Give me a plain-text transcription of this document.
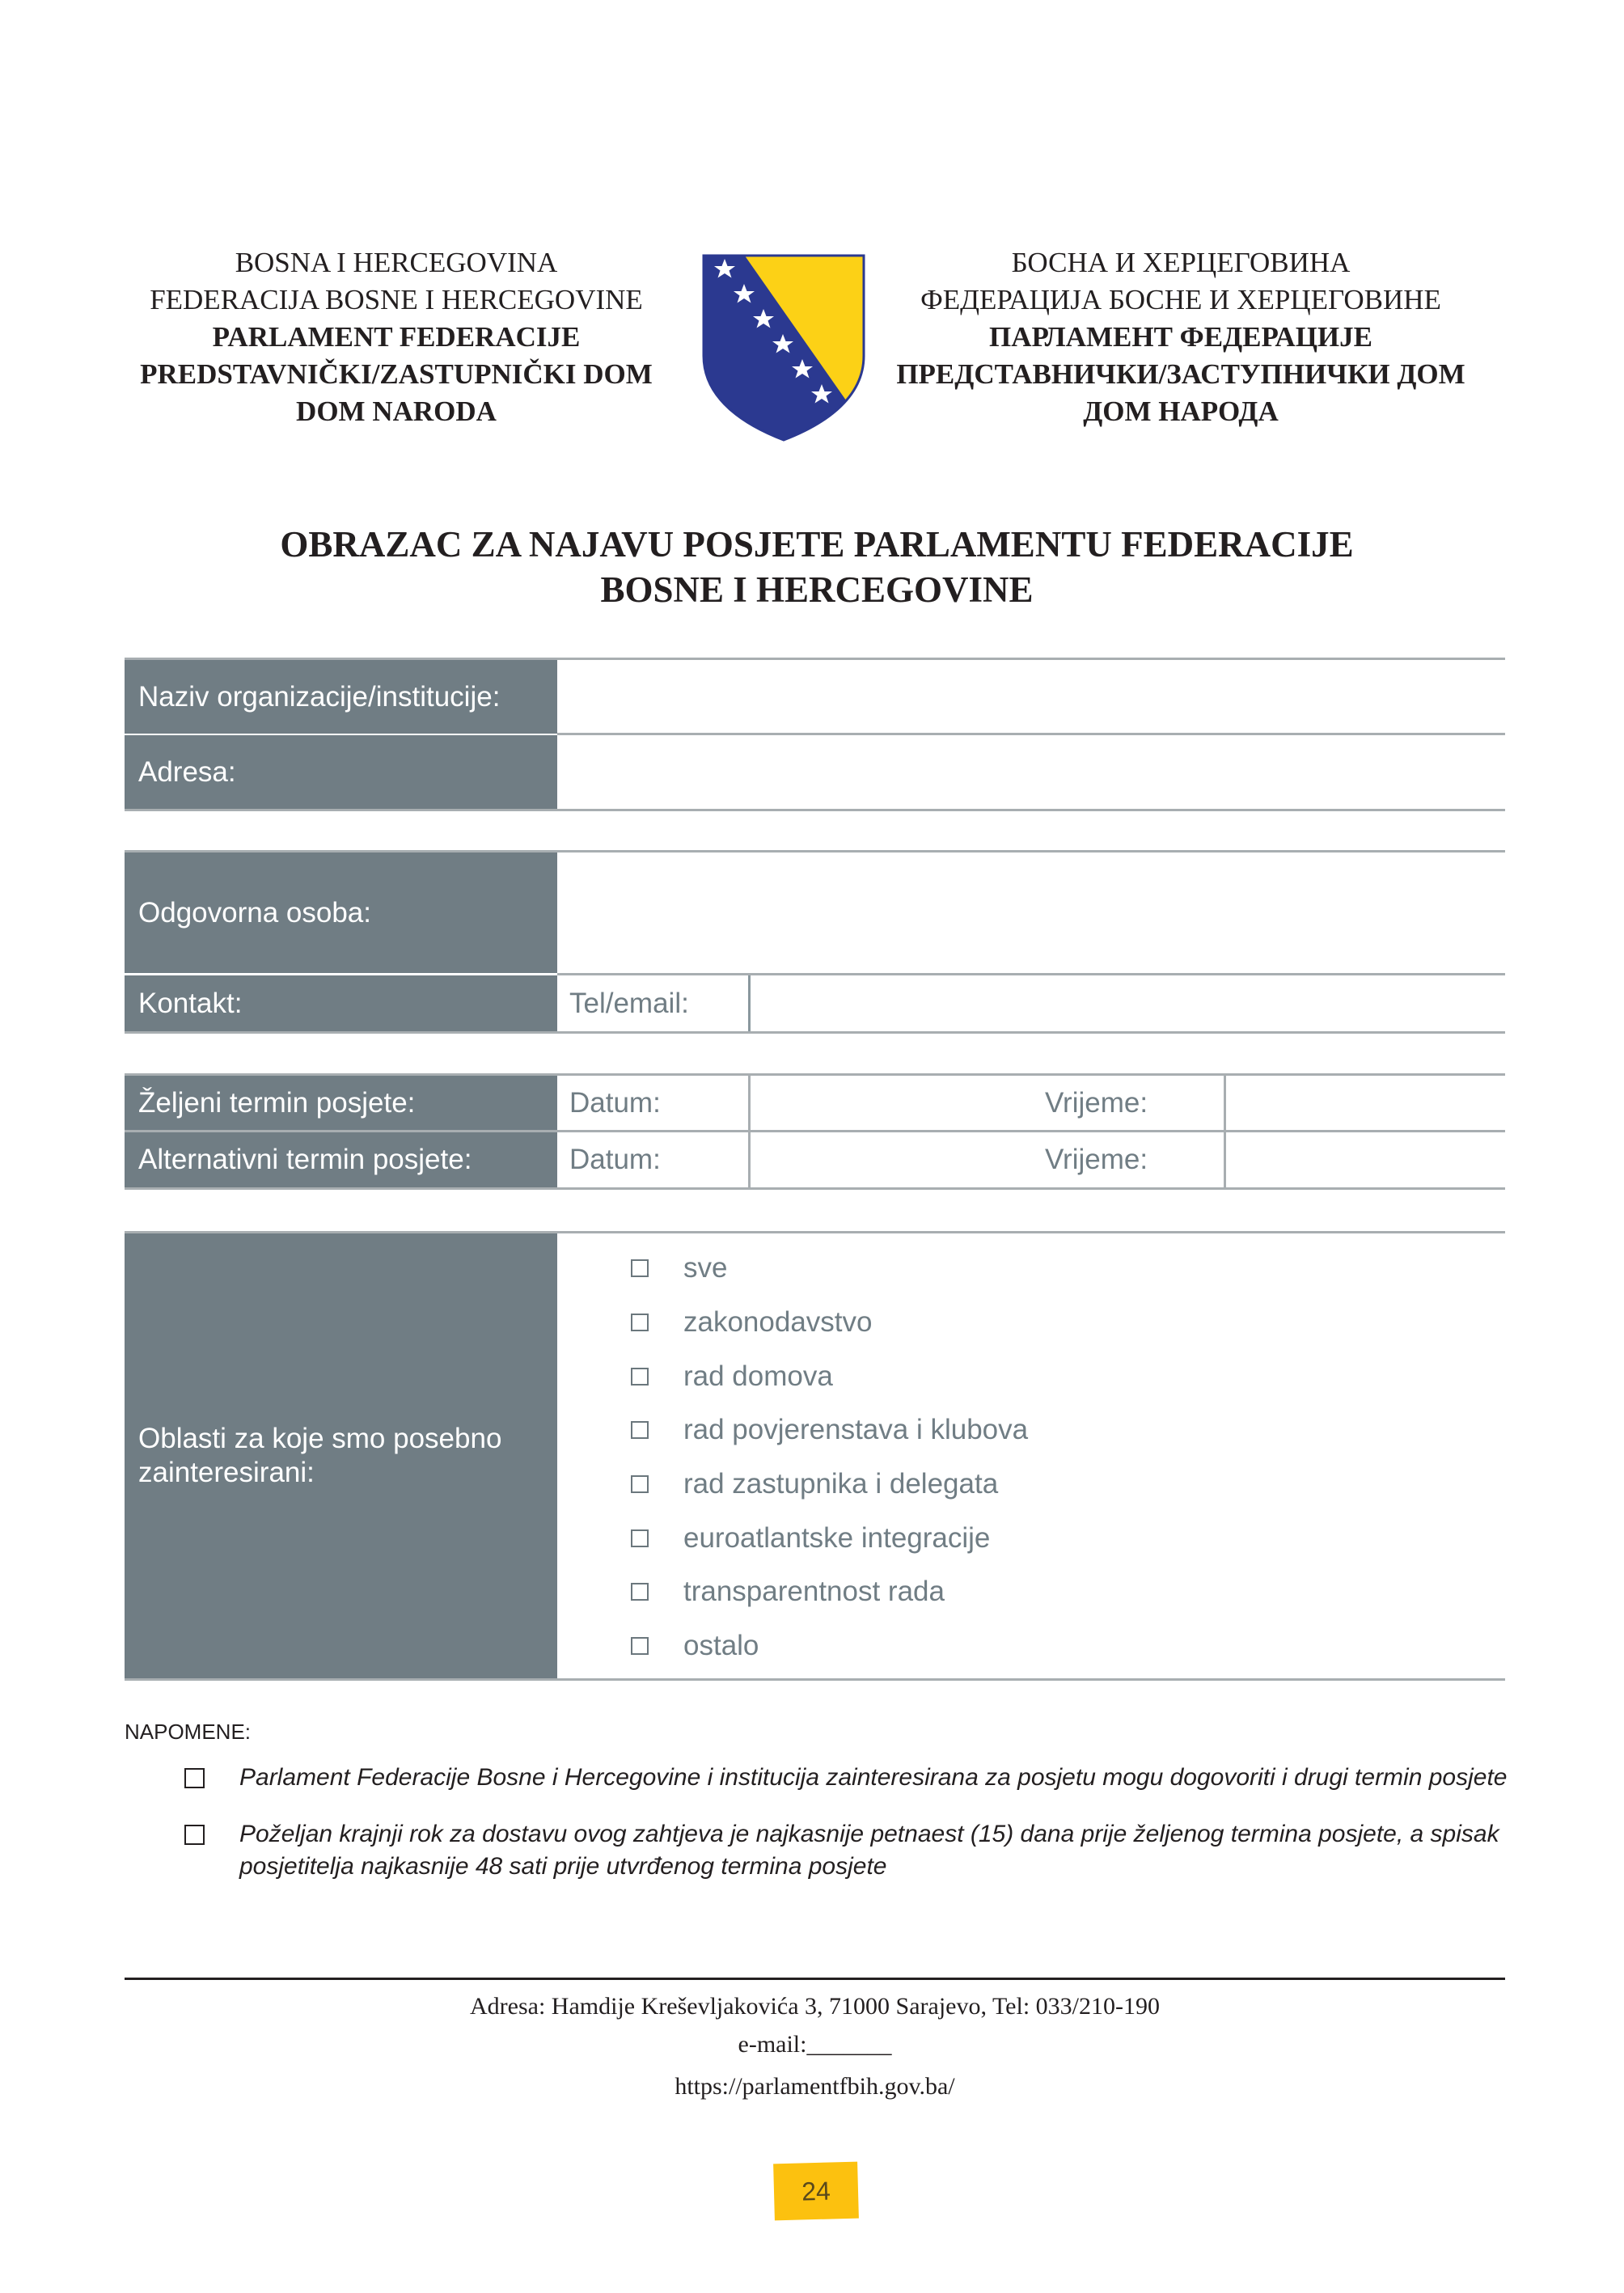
BOSNA I HERCEGOVINA
FEDERACIJA BOSNE I HERCEGOVINE
PARLAMENT FEDERACIJE
PREDSTAVNIČKI/ZASTUPNIČKI DOM
DOM NARODA
БОСНА И ХЕРЦЕГОВИНА
ФЕДЕРАЦИЈА БОСНЕ И ХЕРЦЕГОВИНЕ
ПАРЛАМЕНТ ФЕДЕРАЦИЈЕ
ПРЕДСТАВНИЧКИ/ЗАСТУПНИЧКИ ДОМ
ДОМ НАРОДА
OBRAZAC ZA NAJAVU POSJETE PARLAMENTU FEDERACIJE
BOSNE I HERCEGOVINE
Naziv organizacije/institucije:
Adresa:
Odgovorna osoba:
Kontakt:	Tel/email:
Željeni termin posjete:	Datum:	Vrijeme:
Alternativni termin posjete:	Datum:	Vrijeme:
Oblasti za koje smo posebno zainteresirani:
sve
zakonodavstvo
rad domova
rad povjerenstava i klubova
rad zastupnika i delegata
euroatlantske integracije
transparentnost rada
ostalo
NAPOMENE:
Parlament Federacije Bosne i Hercegovine i institucija zainteresirana za posjetu mogu dogovoriti i drugi termin posjete
Poželjan krajnji rok za dostavu ovog zahtjeva je najkasnije petnaest (15) dana prije željenog termina posjete, a spisak posjetitelja najkasnije 48 sati prije utvrđenog termina posjete
Adresa: Hamdije Kreševljakovića 3, 71000 Sarajevo, Tel: 033/210-190
e-mail:_______
https://parlamentfbih.gov.ba/
24
